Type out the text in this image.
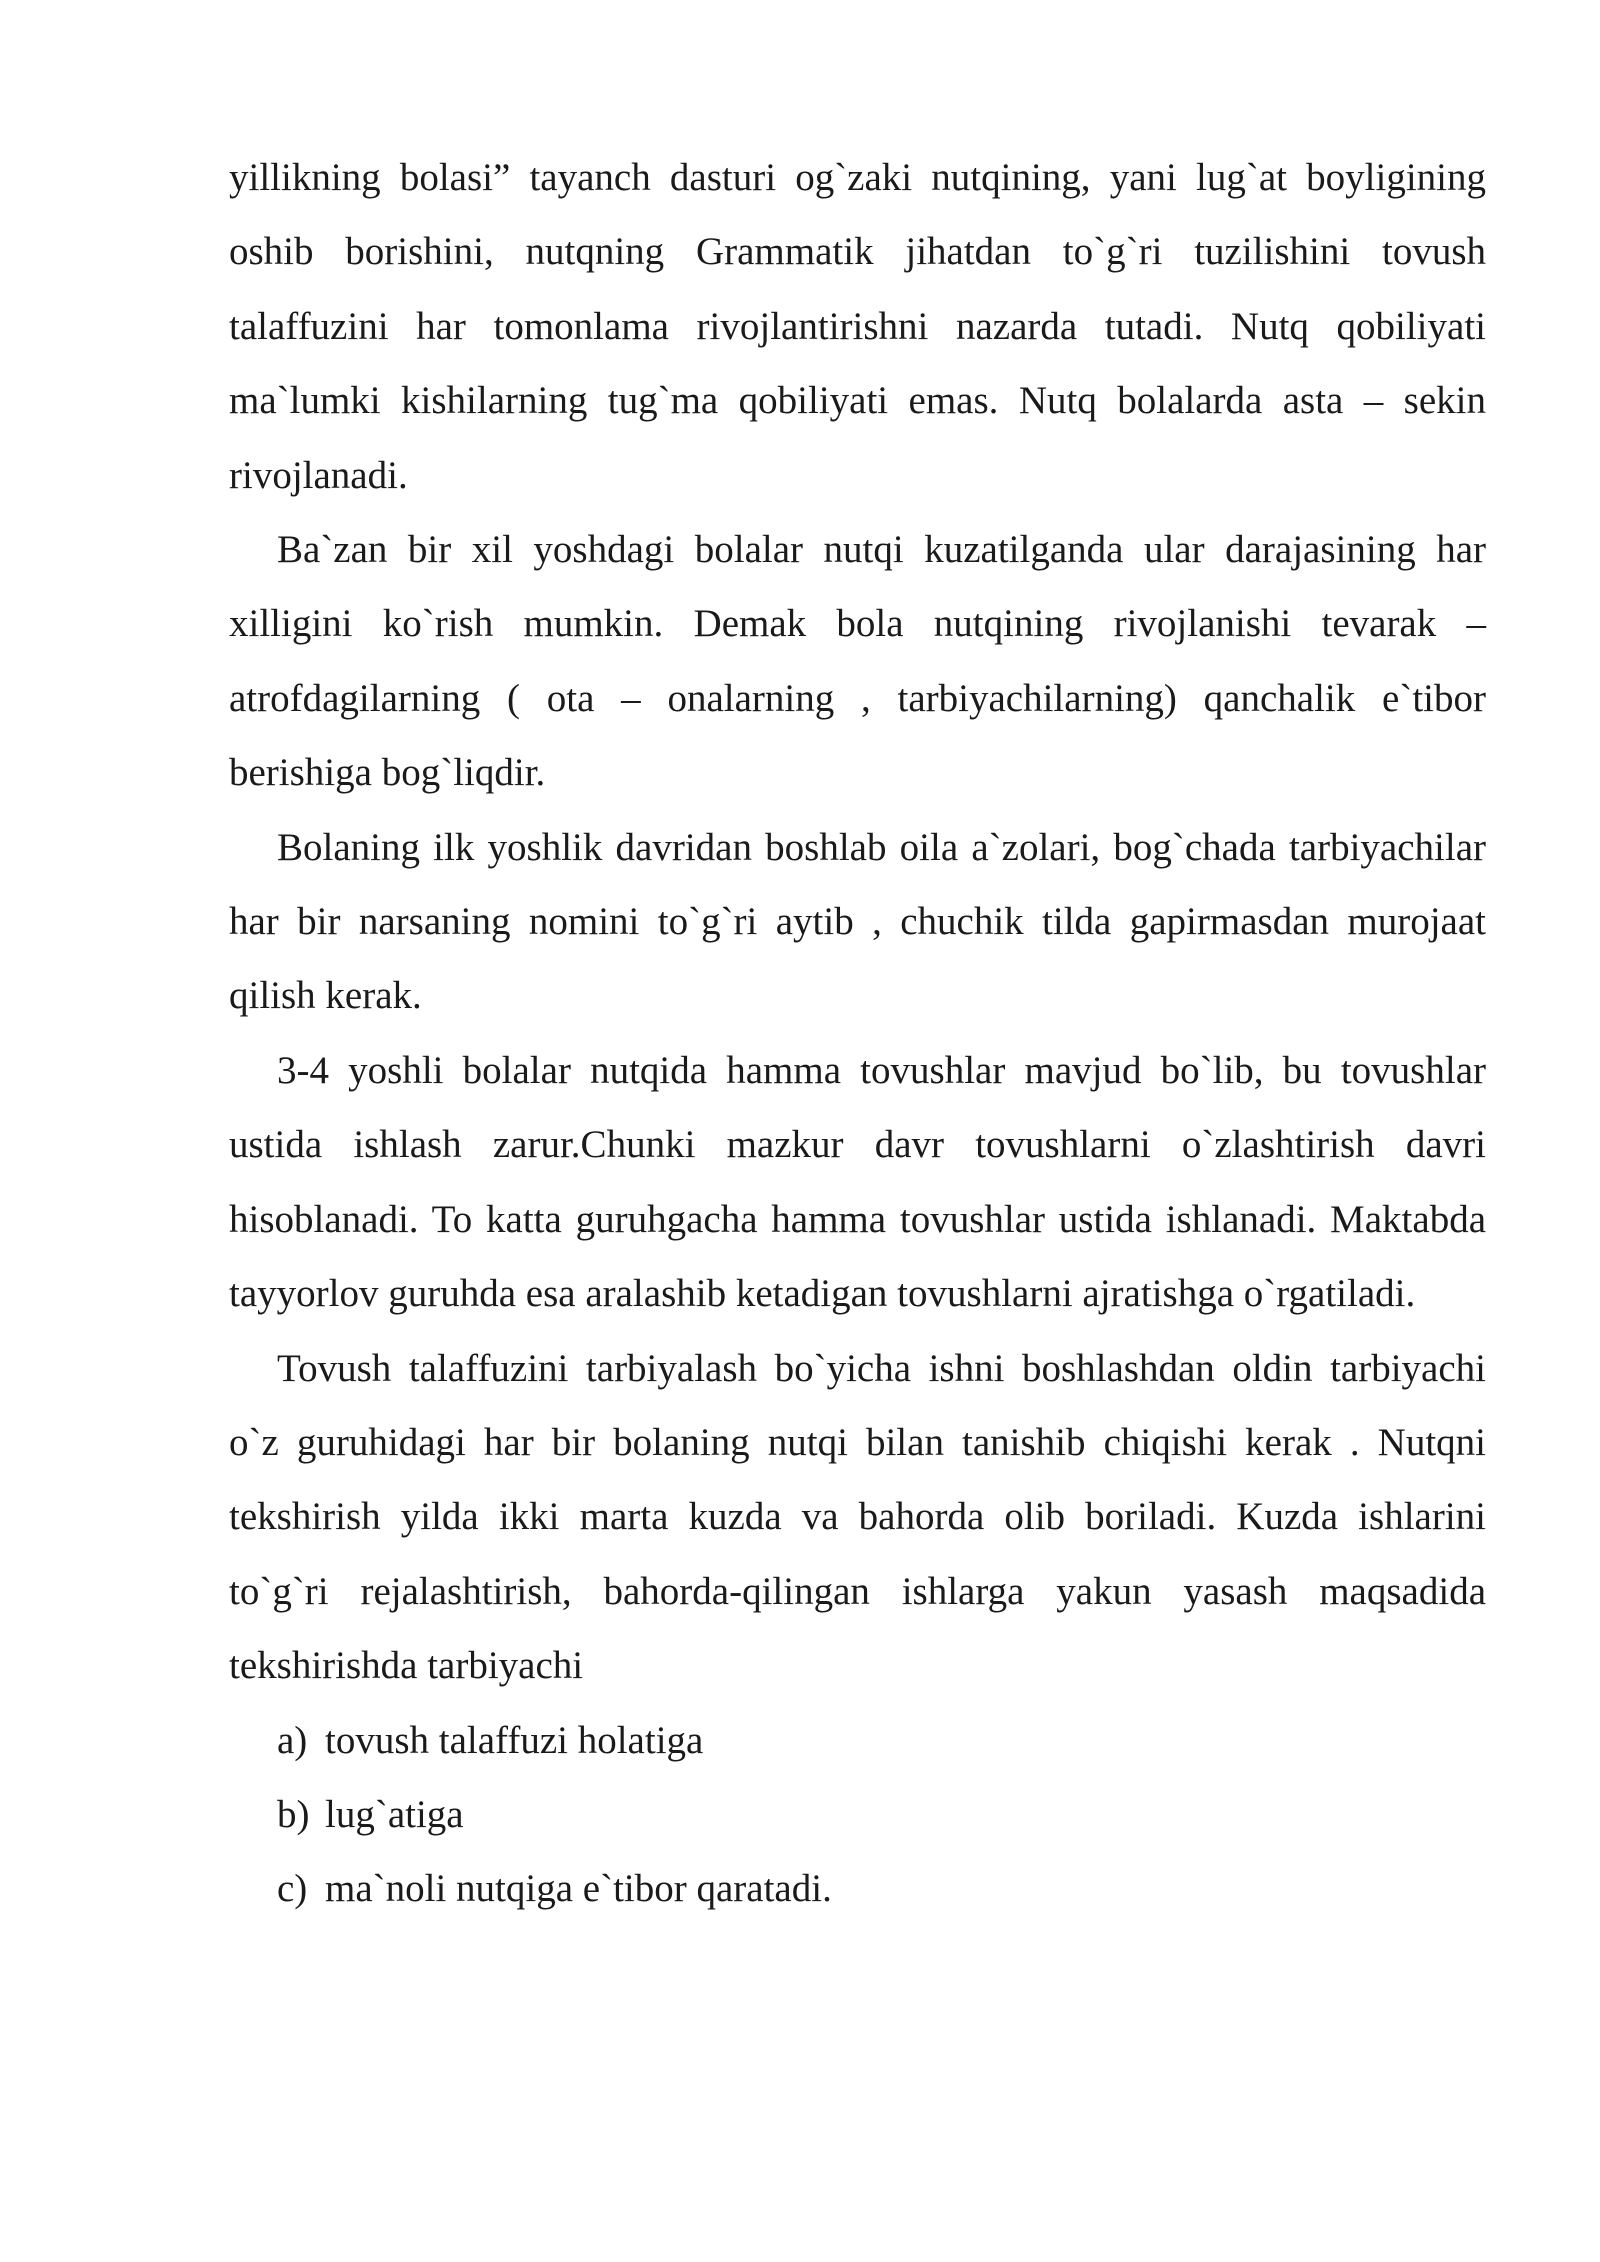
yillikning bolasi” tayanch dasturi og`zaki nutqining, yani lug`at boyligining oshib borishini, nutqning Grammatik jihatdan to`g`ri tuzilishini tovush talaffuzini har tomonlama rivojlantirishni nazarda tutadi. Nutq qobiliyati ma`lumki kishilarning tug`ma qobiliyati emas. Nutq bolalarda asta – sekin rivojlanadi.

Ba`zan bir xil yoshdagi bolalar nutqi kuzatilganda ular darajasining har xilligini ko`rish mumkin. Demak bola nutqining rivojlanishi tevarak – atrofdagilarning ( ota – onalarning , tarbiyachilarning) qanchalik e`tibor berishiga bog`liqdir.

Bolaning ilk yoshlik davridan boshlab oila a`zolari, bog`chada tarbiyachilar har bir narsaning nomini to`g`ri aytib , chuchik tilda gapirmasdan murojaat qilish kerak.

3-4 yoshli bolalar nutqida hamma tovushlar mavjud bo`lib, bu tovushlar ustida ishlash zarur.Chunki mazkur davr tovushlarni o`zlashtirish davri hisoblanadi. To katta guruhgacha hamma tovushlar ustida ishlanadi. Maktabda tayyorlov guruhda esa aralashib ketadigan tovushlarni ajratishga o`rgatiladi.

Tovush talaffuzini tarbiyalash bo`yicha ishni boshlashdan oldin tarbiyachi o`z guruhidagi har bir bolaning nutqi bilan tanishib chiqishi kerak . Nutqni tekshirish yilda ikki marta kuzda va bahorda olib boriladi. Kuzda ishlarini to`g`ri rejalashtirish, bahorda-qilingan ishlarga yakun yasash maqsadida tekshirishda tarbiyachi

a) tovush talaffuzi holatiga
b) lug`atiga
c) ma`noli nutqiga e`tibor qaratadi.
